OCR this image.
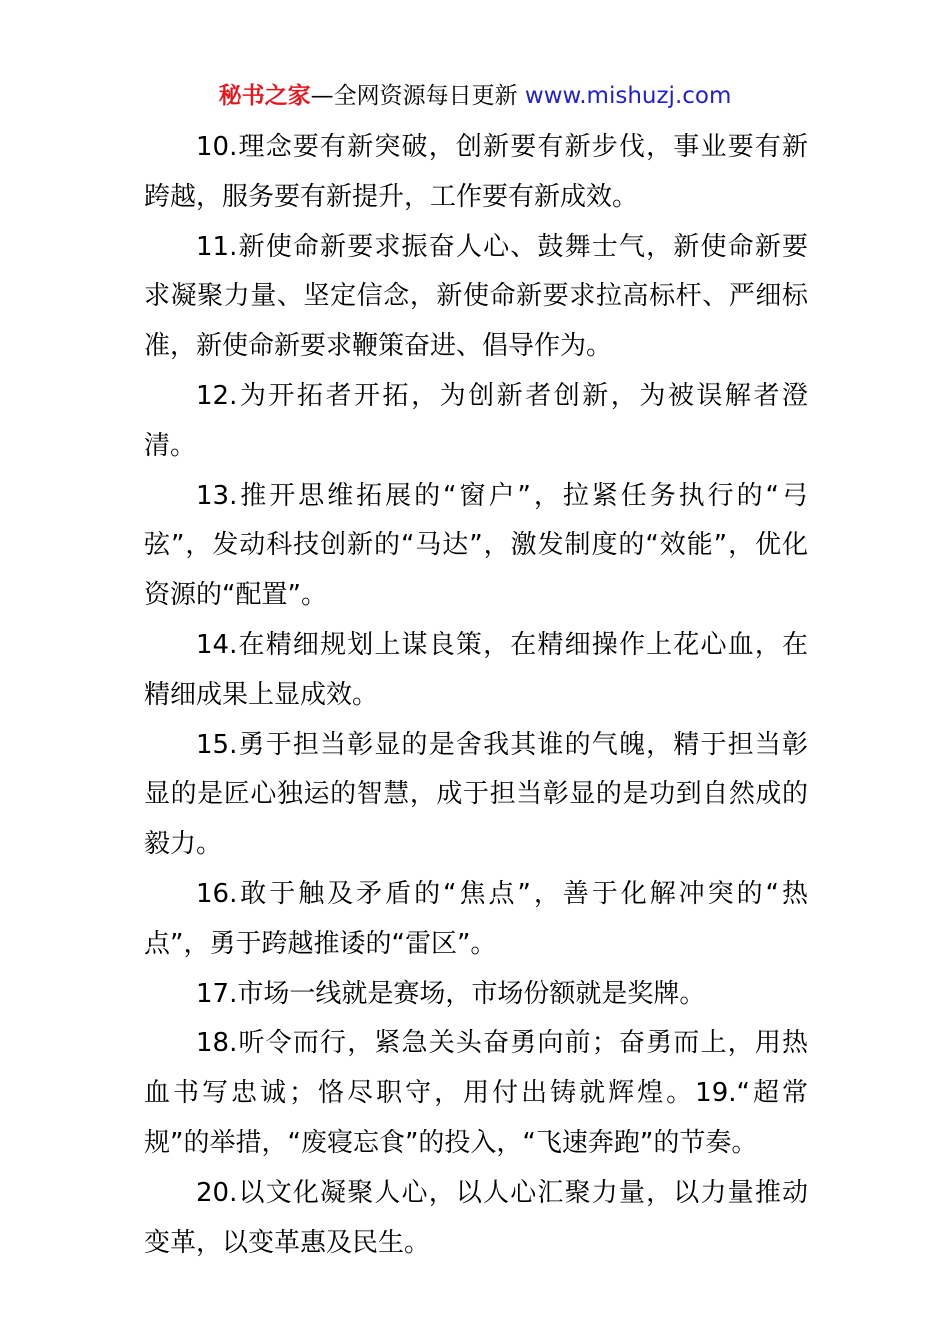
秘书之家—全网资源每日更新 www.mishuzj.com

10.理念要有新突破，创新要有新步伐，事业要有新跨越，服务要有新提升，工作要有新成效。

11.新使命新要求振奋人心、鼓舞士气，新使命新要求凝聚力量、坚定信念，新使命新要求拉高标杆、严细标准，新使命新要求鞭策奋进、倡导作为。

12.为开拓者开拓，为创新者创新，为被误解者澄清。

13.推开思维拓展的“窗户”，拉紧任务执行的“弓弦”，发动科技创新的“马达”，激发制度的“效能”，优化资源的“配置”。

14.在精细规划上谋良策，在精细操作上花心血，在精细成果上显成效。

15.勇于担当彰显的是舍我其谁的气魄，精于担当彰显的是匠心独运的智慧，成于担当彰显的是功到自然成的毅力。

16.敢于触及矛盾的“焦点”，善于化解冲突的“热点”，勇于跨越推诿的“雷区”。

17.市场一线就是赛场，市场份额就是奖牌。

18.听令而行，紧急关头奋勇向前；奋勇而上，用热血书写忠诚；恪尽职守，用付出铸就辉煌。19.“超常规”的举措，“废寝忘食”的投入，“飞速奔跑”的节奏。

20.以文化凝聚人心，以人心汇聚力量，以力量推动变革，以变革惠及民生。
